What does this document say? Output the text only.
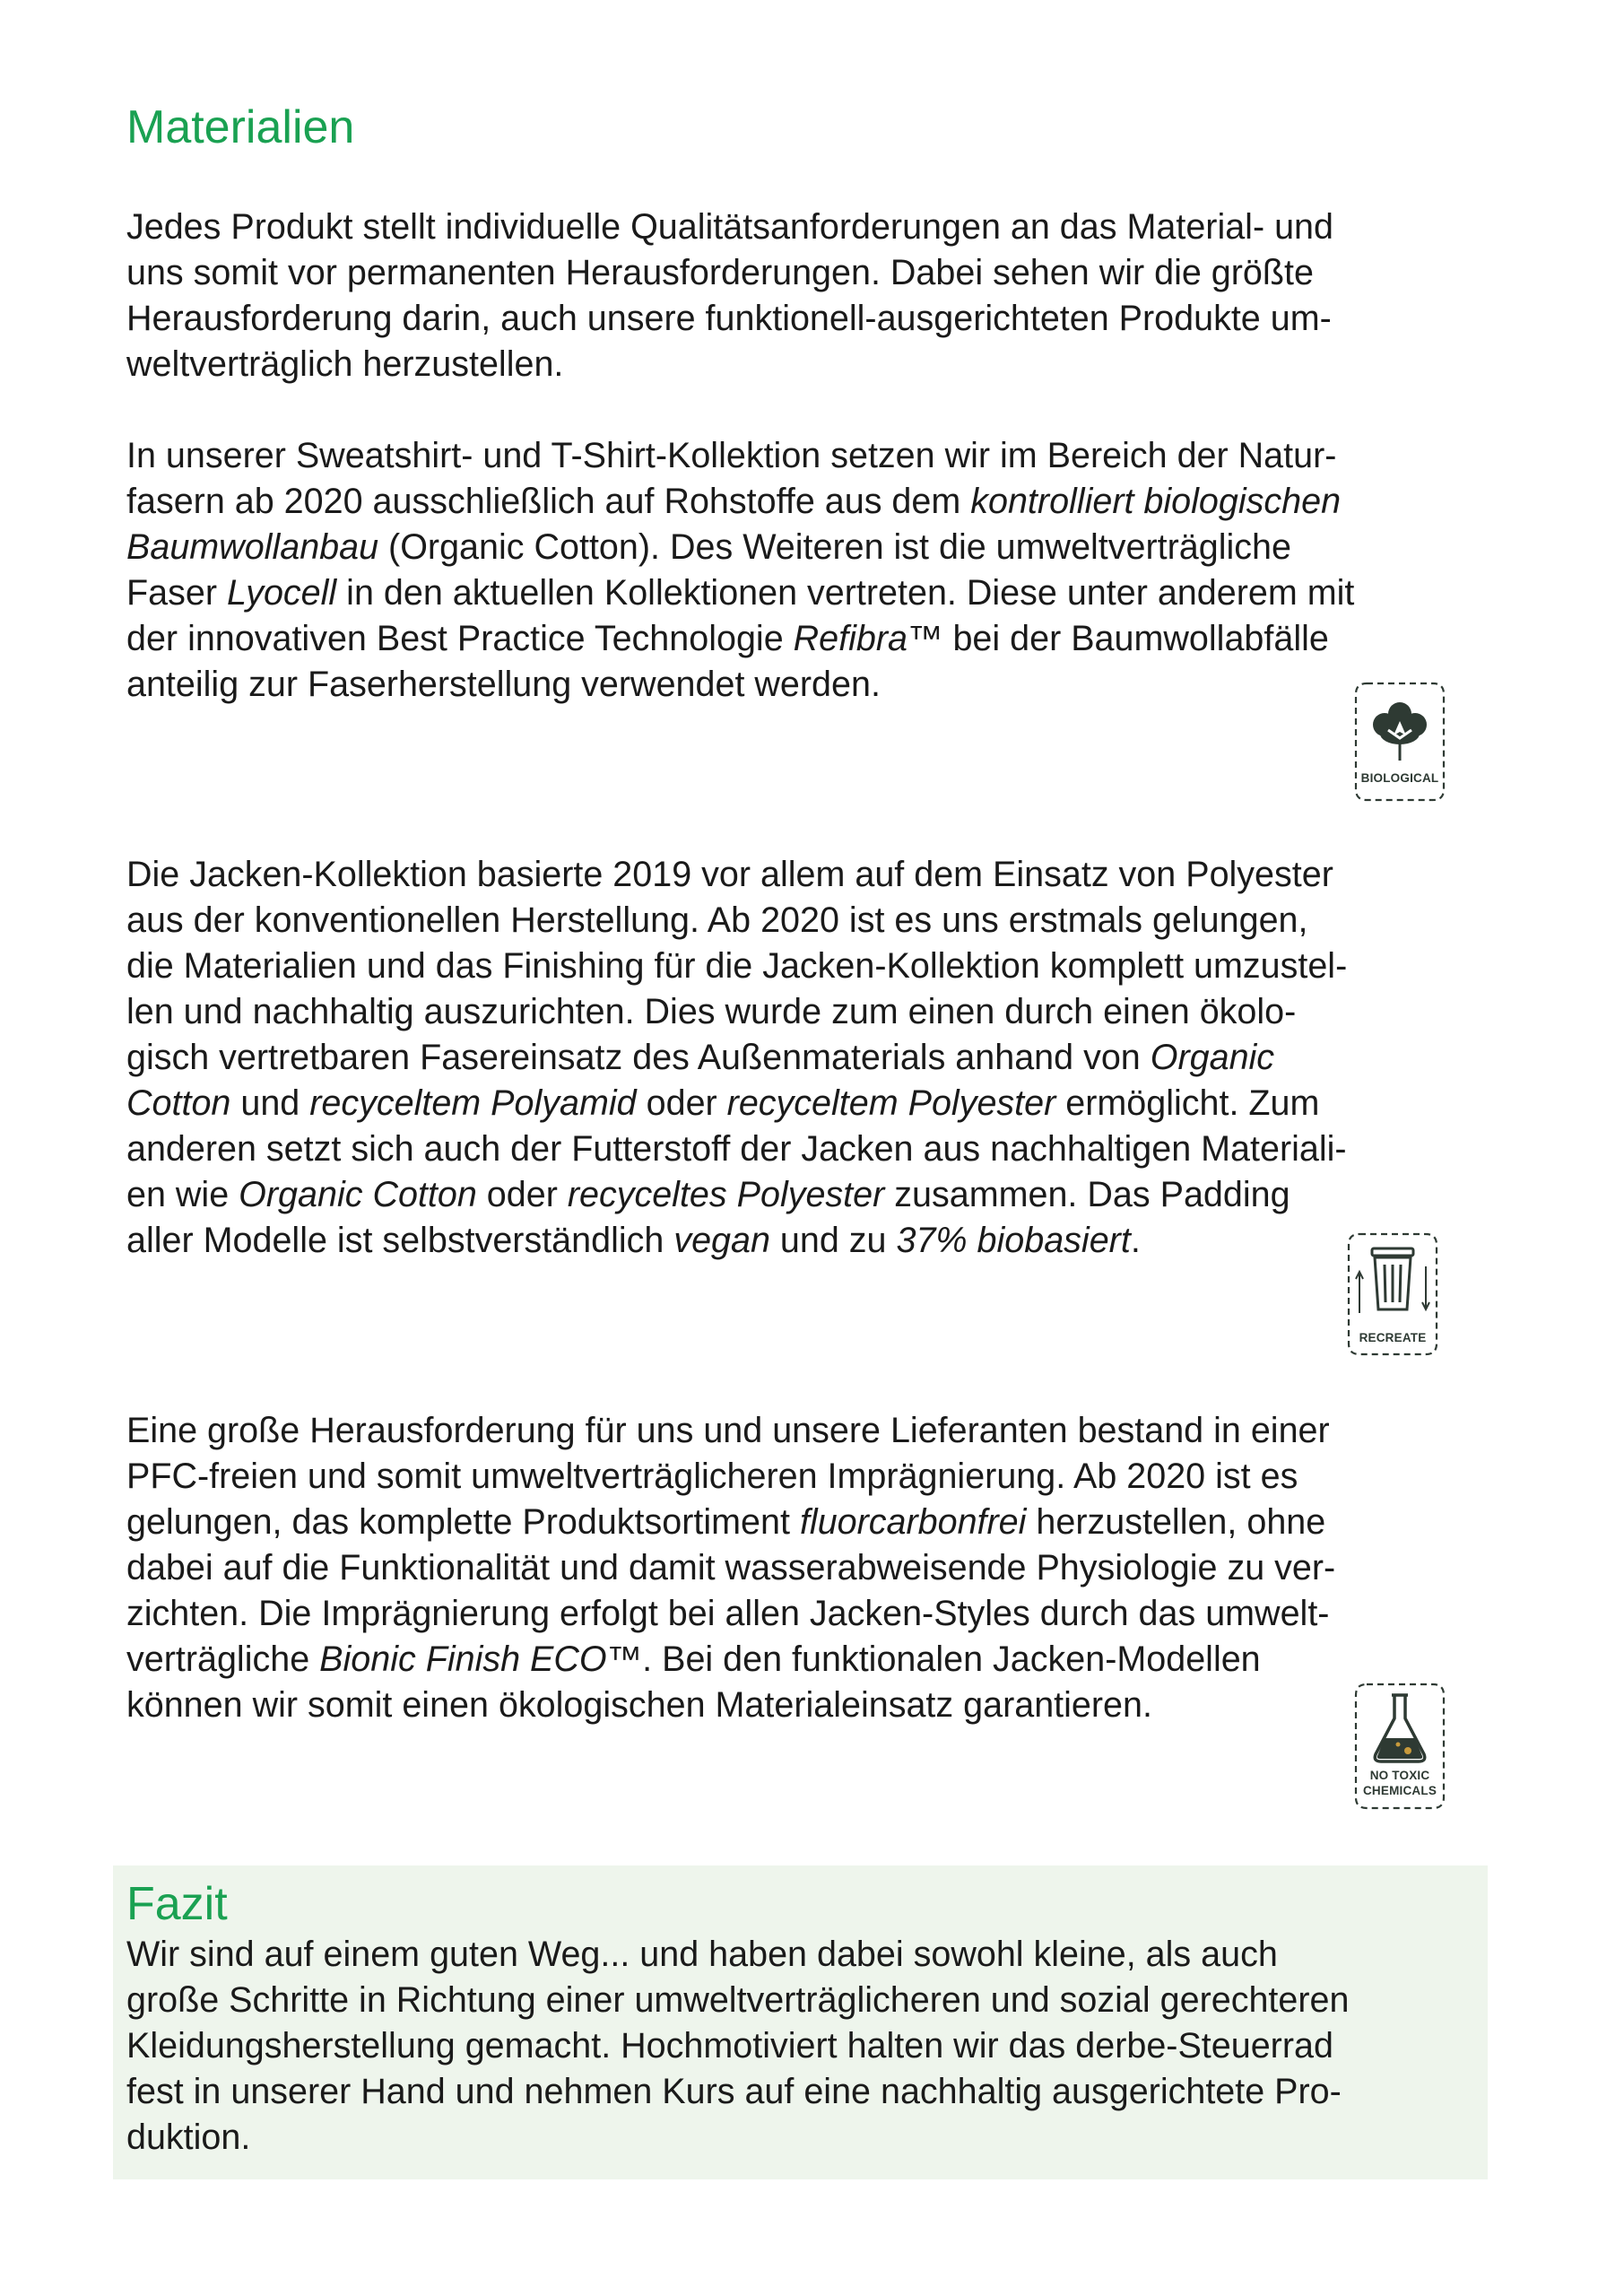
Materialien

Jedes Produkt stellt individuelle Qualitätsanforderungen an das Material- und
uns somit vor permanenten Herausforderungen. Dabei sehen wir die größte
Herausforderung darin, auch unsere funktionell-ausgerichteten Produkte um-
weltverträglich herzustellen.

In unserer Sweatshirt- und T-Shirt-Kollektion setzen wir im Bereich der Natur-
fasern ab 2020 ausschließlich auf Rohstoffe aus dem kontrolliert biologischen
Baumwollanbau (Organic Cotton). Des Weiteren ist die umweltverträgliche
Faser Lyocell in den aktuellen Kollektionen vertreten. Diese unter anderem mit
der innovativen Best Practice Technologie Refibra™ bei der Baumwollabfälle
anteilig zur Faserherstellung verwendet werden.

Die Jacken-Kollektion basierte 2019 vor allem auf dem Einsatz von Polyester
aus der konventionellen Herstellung. Ab 2020 ist es uns erstmals gelungen,
die Materialien und das Finishing für die Jacken-Kollektion komplett umzustel-
len und nachhaltig auszurichten. Dies wurde zum einen durch einen ökolo-
gisch vertretbaren Fasereinsatz des Außenmaterials anhand von Organic
Cotton und recyceltem Polyamid oder recyceltem Polyester ermöglicht. Zum
anderen setzt sich auch der Futterstoff der Jacken aus nachhaltigen Materiali-
en wie Organic Cotton oder recyceltes Polyester zusammen. Das Padding
aller Modelle ist selbstverständlich vegan und zu 37% biobasiert.

Eine große Herausforderung für uns und unsere Lieferanten bestand in einer
PFC-freien und somit umweltverträglicheren Imprägnierung. Ab 2020 ist es
gelungen, das komplette Produktsortiment fluorcarbonfrei herzustellen, ohne
dabei auf die Funktionalität und damit wasserabweisende Physiologie zu ver-
zichten. Die Imprägnierung erfolgt bei allen Jacken-Styles durch das umwelt-
verträgliche Bionic Finish ECO™. Bei den funktionalen Jacken-Modellen
können wir somit einen ökologischen Materialeinsatz garantieren.

BIOLOGICAL
RECREATE
NO TOXIC
CHEMICALS
Fazit

Wir sind auf einem guten Weg... und haben dabei sowohl kleine, als auch
große Schritte in Richtung einer umweltverträglicheren und sozial gerechteren
Kleidungsherstellung gemacht. Hochmotiviert halten wir das derbe-Steuerrad
fest in unserer Hand und nehmen Kurs auf eine nachhaltig ausgerichtete Pro-
duktion.
